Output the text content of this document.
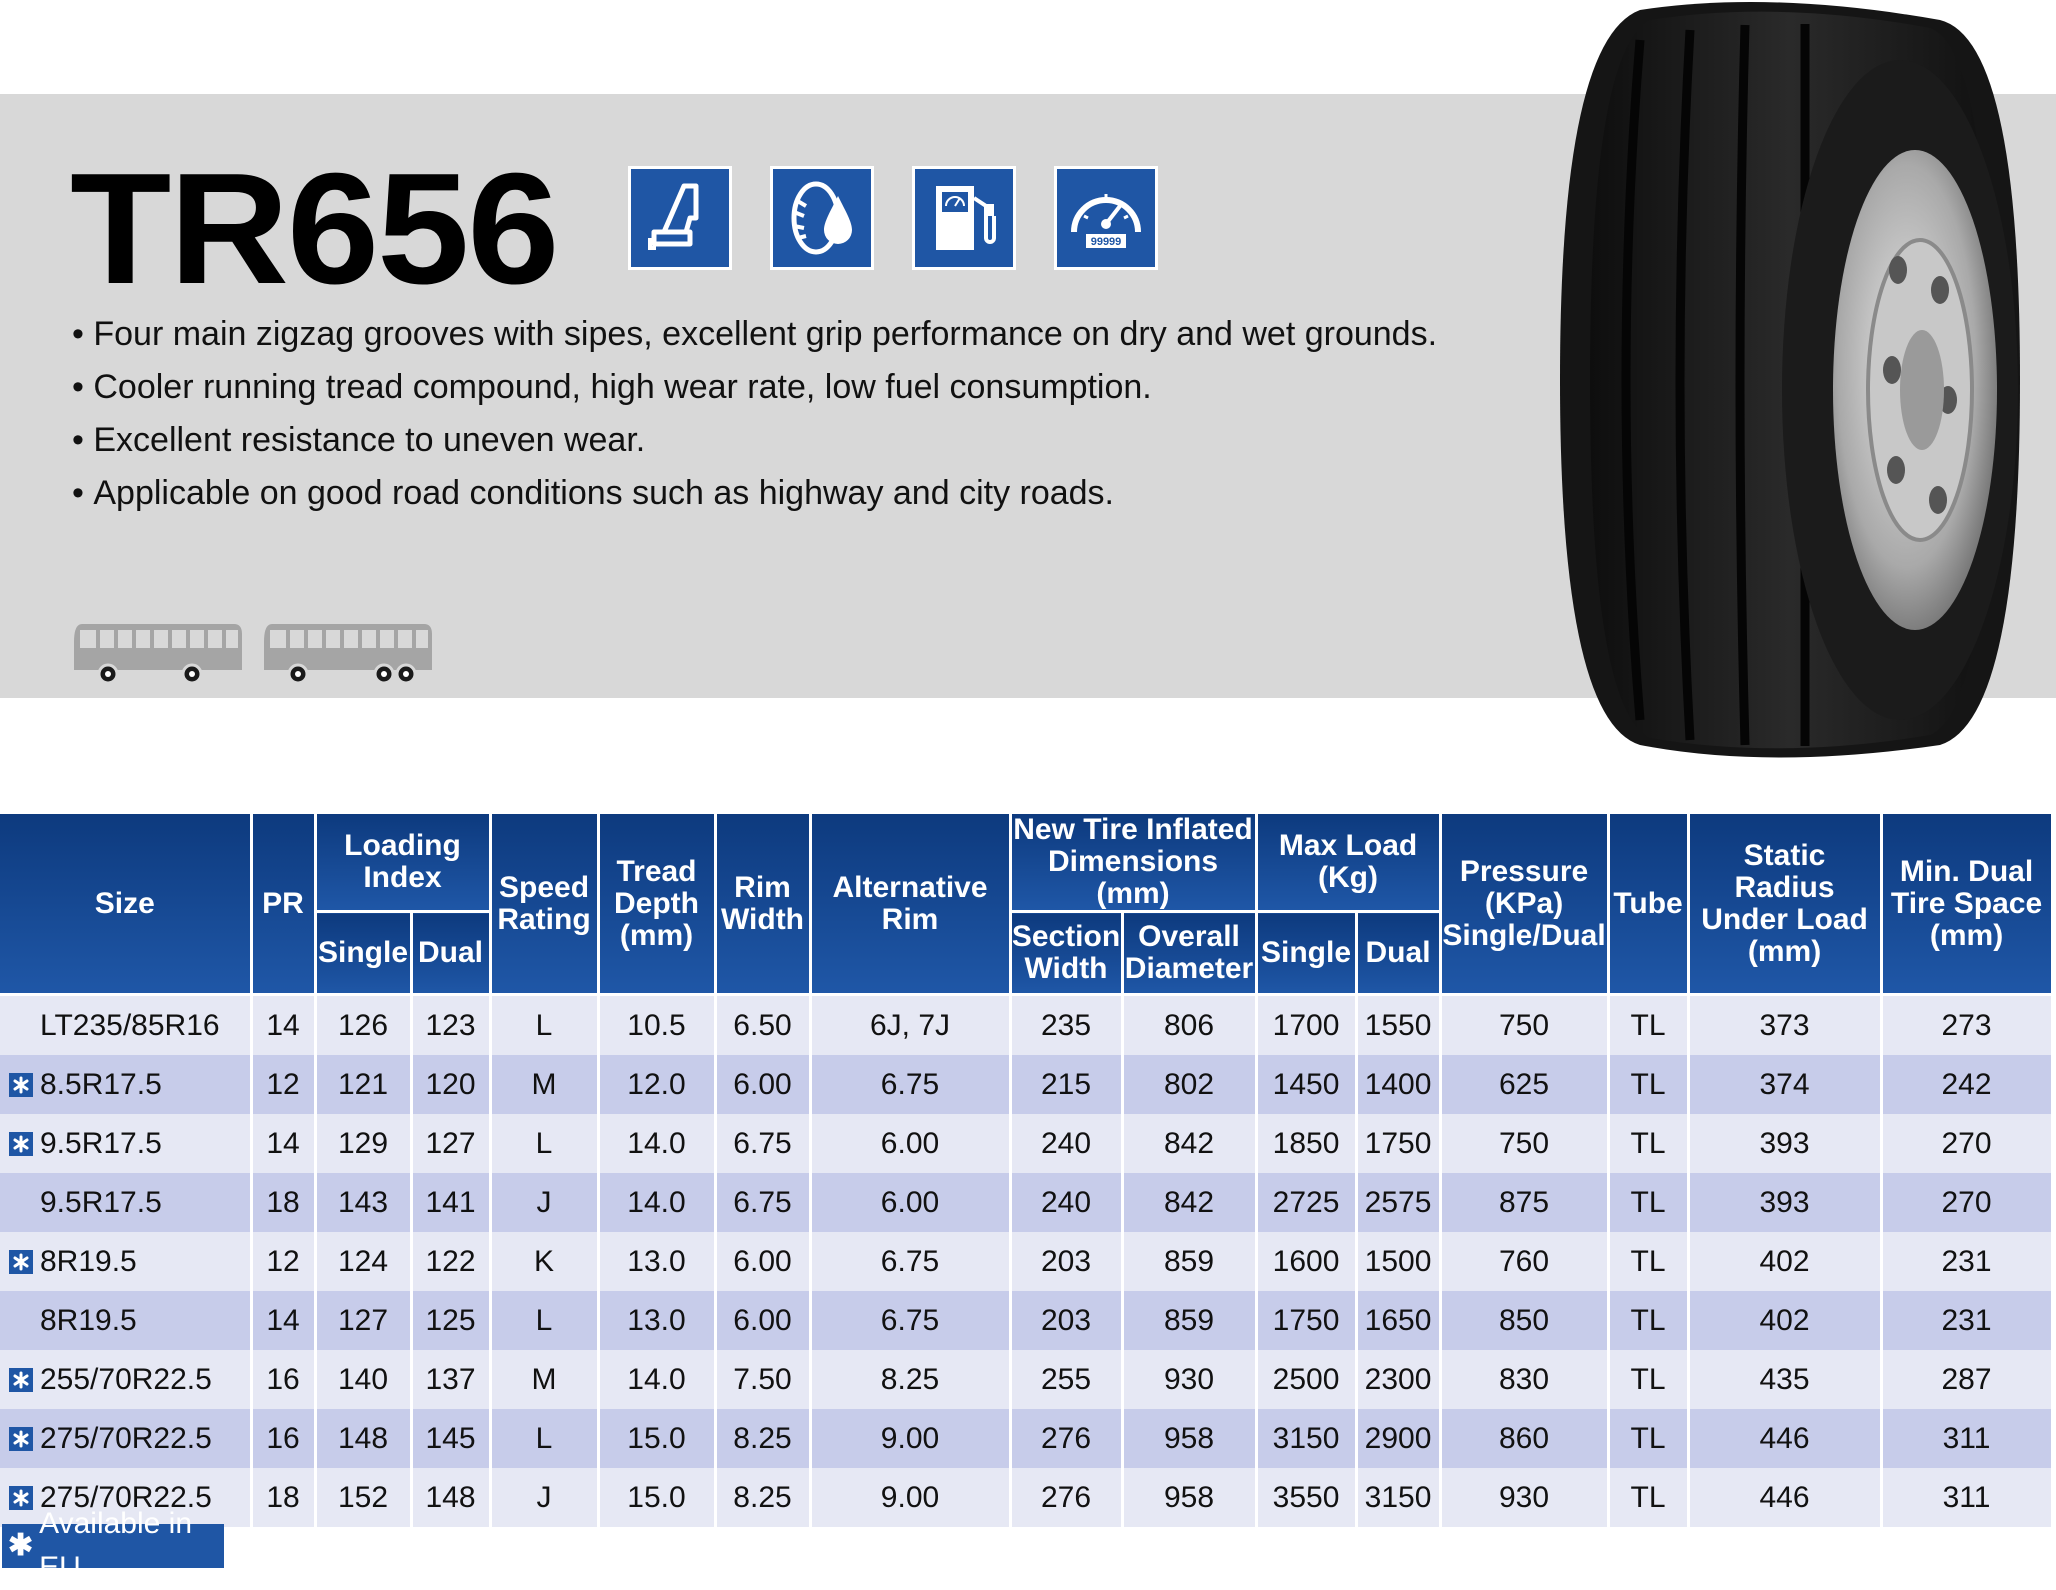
TR656	99999
• Four main zigzag grooves with sipes, excellent grip performance on dry and wet grounds.
• Cooler running tread compound, high wear rate, low fuel consumption.
• Excellent resistance to uneven wear.
• Applicable on good road conditions such as highway and city roads.
Size	PR	Loading Index		Speed Rating	Tread Depth (mm)	Rim Width	Alternative Rim	New Tire Inflated Dimensions (mm)		Max Load (Kg)		Pressure (KPa) Single/Dual	Tube	Static Radius Under Load (mm)	Min. Dual Tire Space (mm)
		Single	Dual					Section Width	Overall Diameter	Single	Dual				
LT235/85R16	14	126	123	L	10.5	6.50	6J, 7J	235	806	1700	1550	750	TL	373	273

8.5R17.5	12	121	120	M	12.0	6.00	6.75	215	802	1450	1400	625	TL	374	242

9.5R17.5	14	129	127	L	14.0	6.75	6.00	240	842	1850	1750	750	TL	393	270
9.5R17.5	18	143	141	J	14.0	6.75	6.00	240	842	2725	2575	875	TL	393	270

8R19.5	12	124	122	K	13.0	6.00	6.75	203	859	1600	1500	760	TL	402	231
8R19.5	14	127	125	L	13.0	6.00	6.75	203	859	1750	1650	850	TL	402	231

255/70R22.5	16	140	137	M	14.0	7.50	8.25	255	930	2500	2300	830	TL	435	287

275/70R22.5	16	148	145	L	15.0	8.25	9.00	276	958	3150	2900	860	TL	446	311

275/70R22.5	18	152	148	J	15.0	8.25	9.00	276	958	3550	3150	930	TL	446	311
✱
Available in EU
